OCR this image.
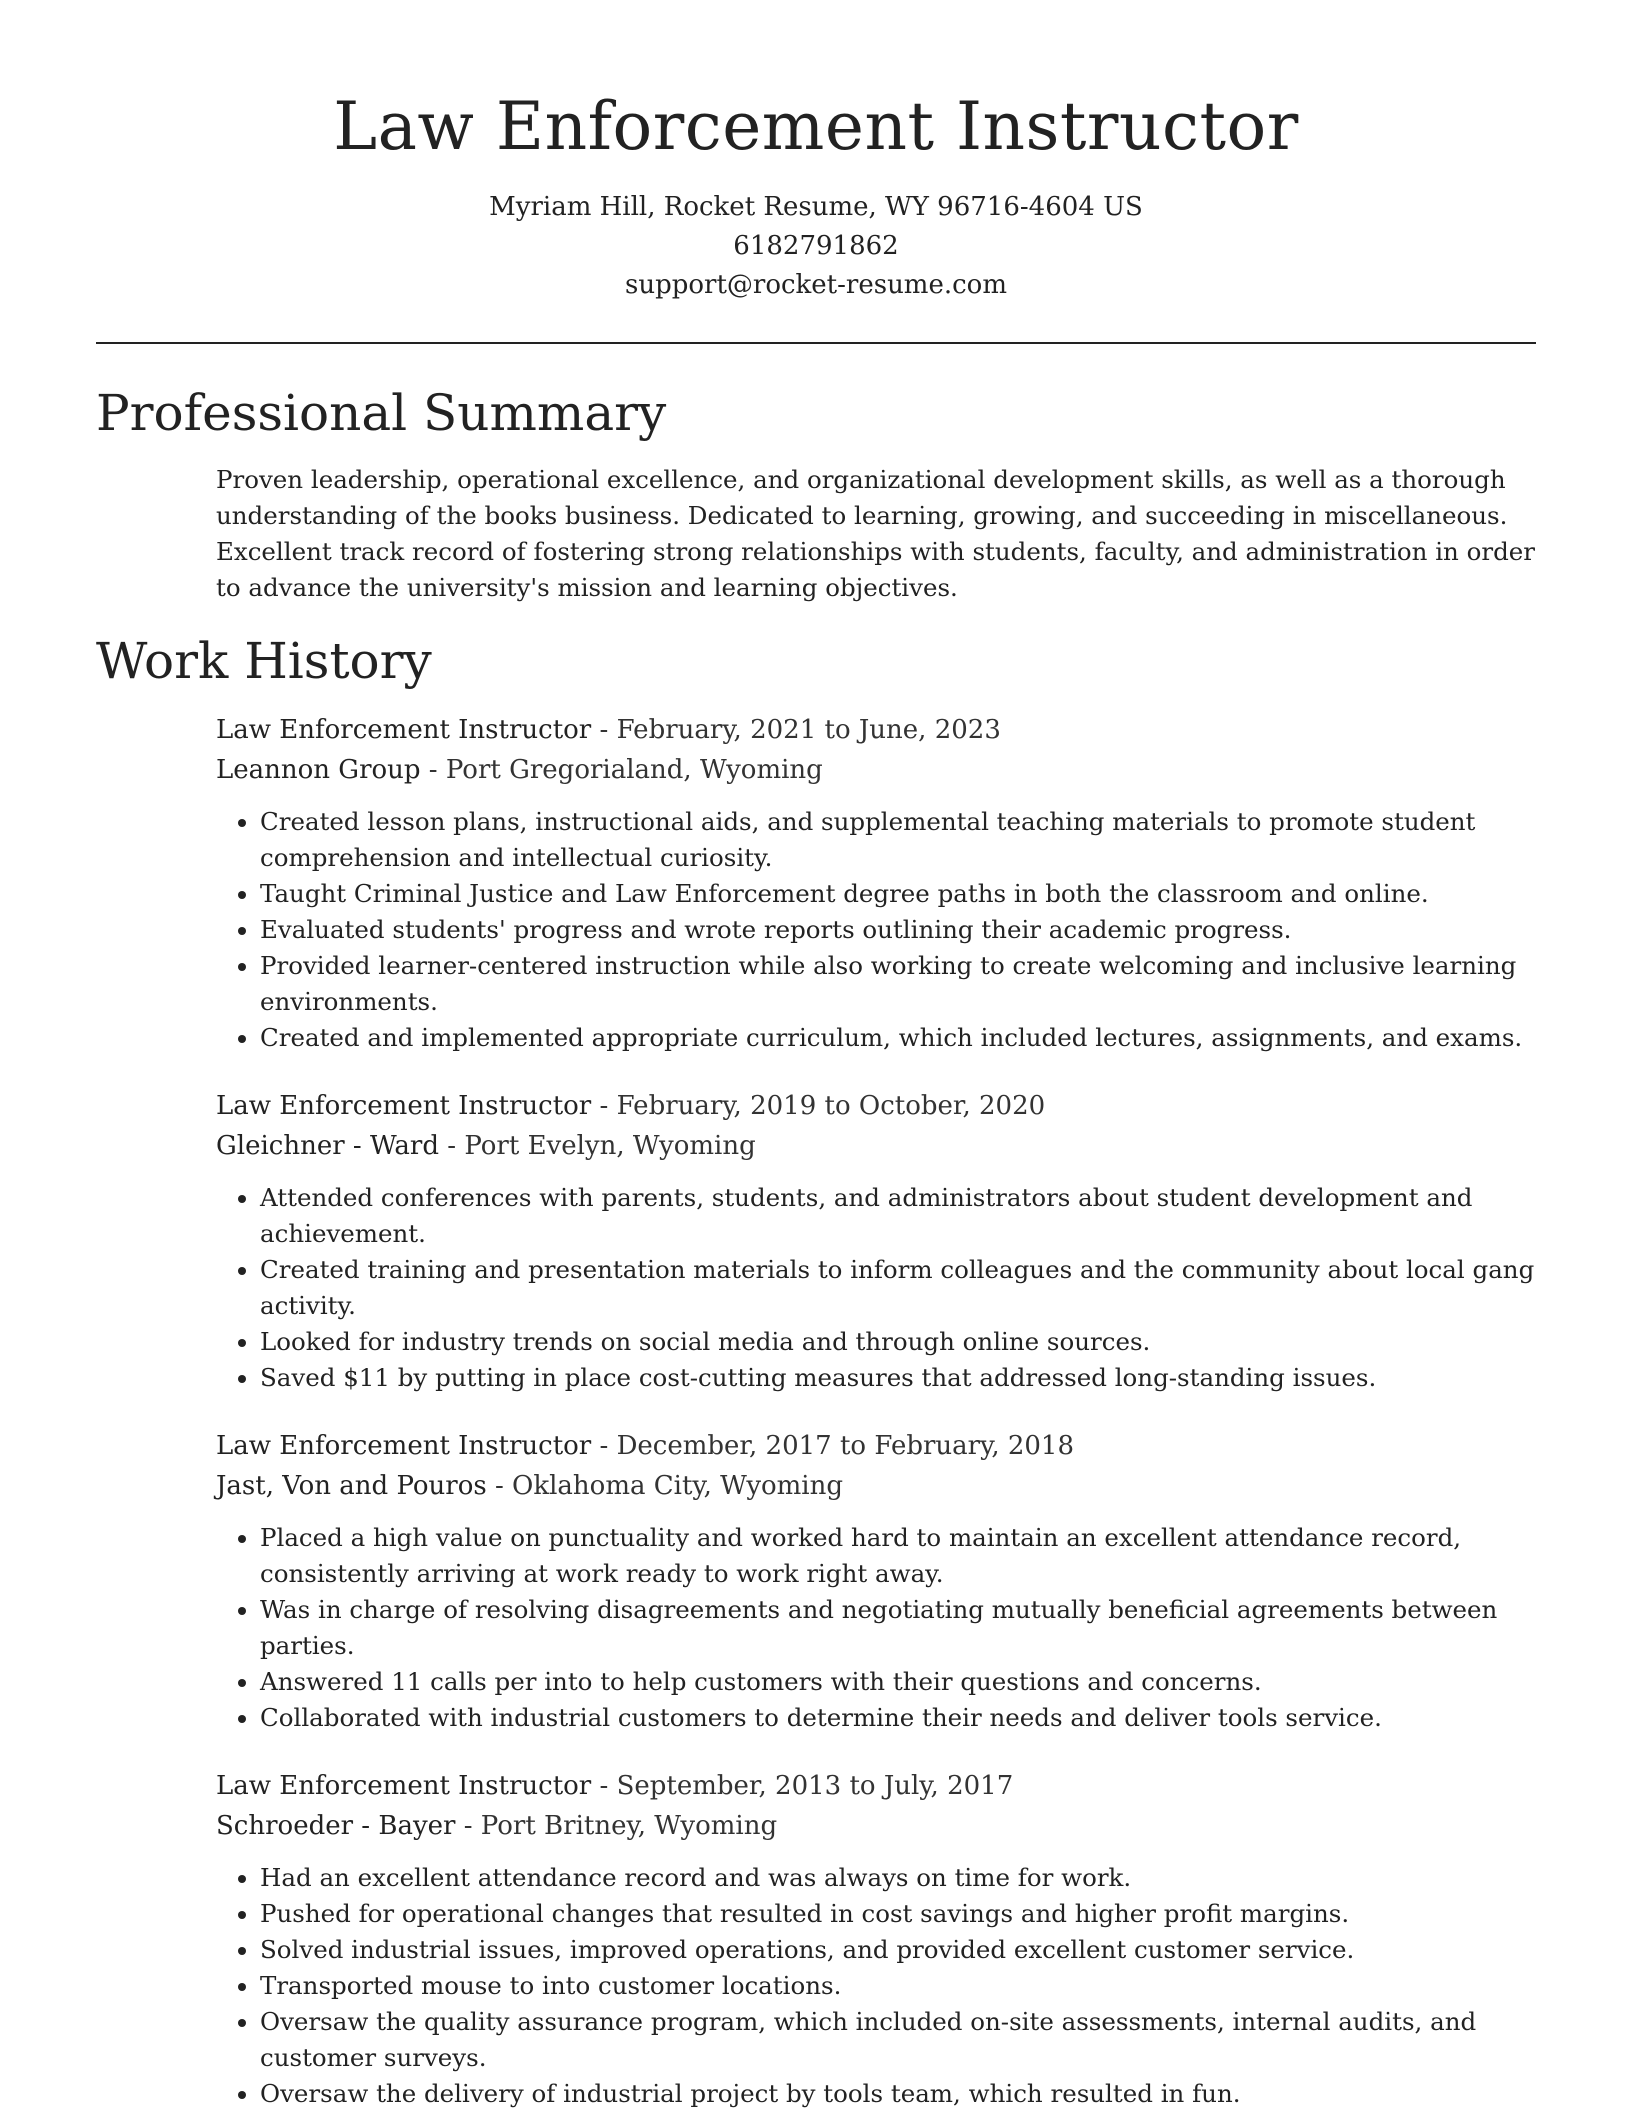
Law Enforcement Instructor
Myriam Hill, Rocket Resume, WY 96716-4604 US
6182791862
support@rocket-resume.com
Professional Summary

Proven leadership, operational excellence, and organizational development skills, as well as a thorough understanding of the books business. Dedicated to learning, growing, and succeeding in miscellaneous. Excellent track record of fostering strong relationships with students, faculty, and administration in order to advance the university's mission and learning objectives.

Work History

Law Enforcement Instructor - February, 2021 to June, 2023

Leannon Group - Port Gregorialand, Wyoming

• Created lesson plans, instructional aids, and supplemental teaching materials to promote student comprehension and intellectual curiosity.
• Taught Criminal Justice and Law Enforcement degree paths in both the classroom and online.
• Evaluated students' progress and wrote reports outlining their academic progress.
• Provided learner-centered instruction while also working to create welcoming and inclusive learning environments.
• Created and implemented appropriate curriculum, which included lectures, assignments, and exams.

Law Enforcement Instructor - February, 2019 to October, 2020

Gleichner - Ward - Port Evelyn, Wyoming

• Attended conferences with parents, students, and administrators about student development and achievement.
• Created training and presentation materials to inform colleagues and the community about local gang activity.
• Looked for industry trends on social media and through online sources.
• Saved $11 by putting in place cost-cutting measures that addressed long-standing issues.

Law Enforcement Instructor - December, 2017 to February, 2018

Jast, Von and Pouros - Oklahoma City, Wyoming

• Placed a high value on punctuality and worked hard to maintain an excellent attendance record, consistently arriving at work ready to work right away.
• Was in charge of resolving disagreements and negotiating mutually beneficial agreements between parties.
• Answered 11 calls per into to help customers with their questions and concerns.
• Collaborated with industrial customers to determine their needs and deliver tools service.

Law Enforcement Instructor - September, 2013 to July, 2017

Schroeder - Bayer - Port Britney, Wyoming

• Had an excellent attendance record and was always on time for work.
• Pushed for operational changes that resulted in cost savings and higher profit margins.
• Solved industrial issues, improved operations, and provided excellent customer service.
• Transported mouse to into customer locations.
• Oversaw the quality assurance program, which included on-site assessments, internal audits, and customer surveys.
• Oversaw the delivery of industrial project by tools team, which resulted in fun.
